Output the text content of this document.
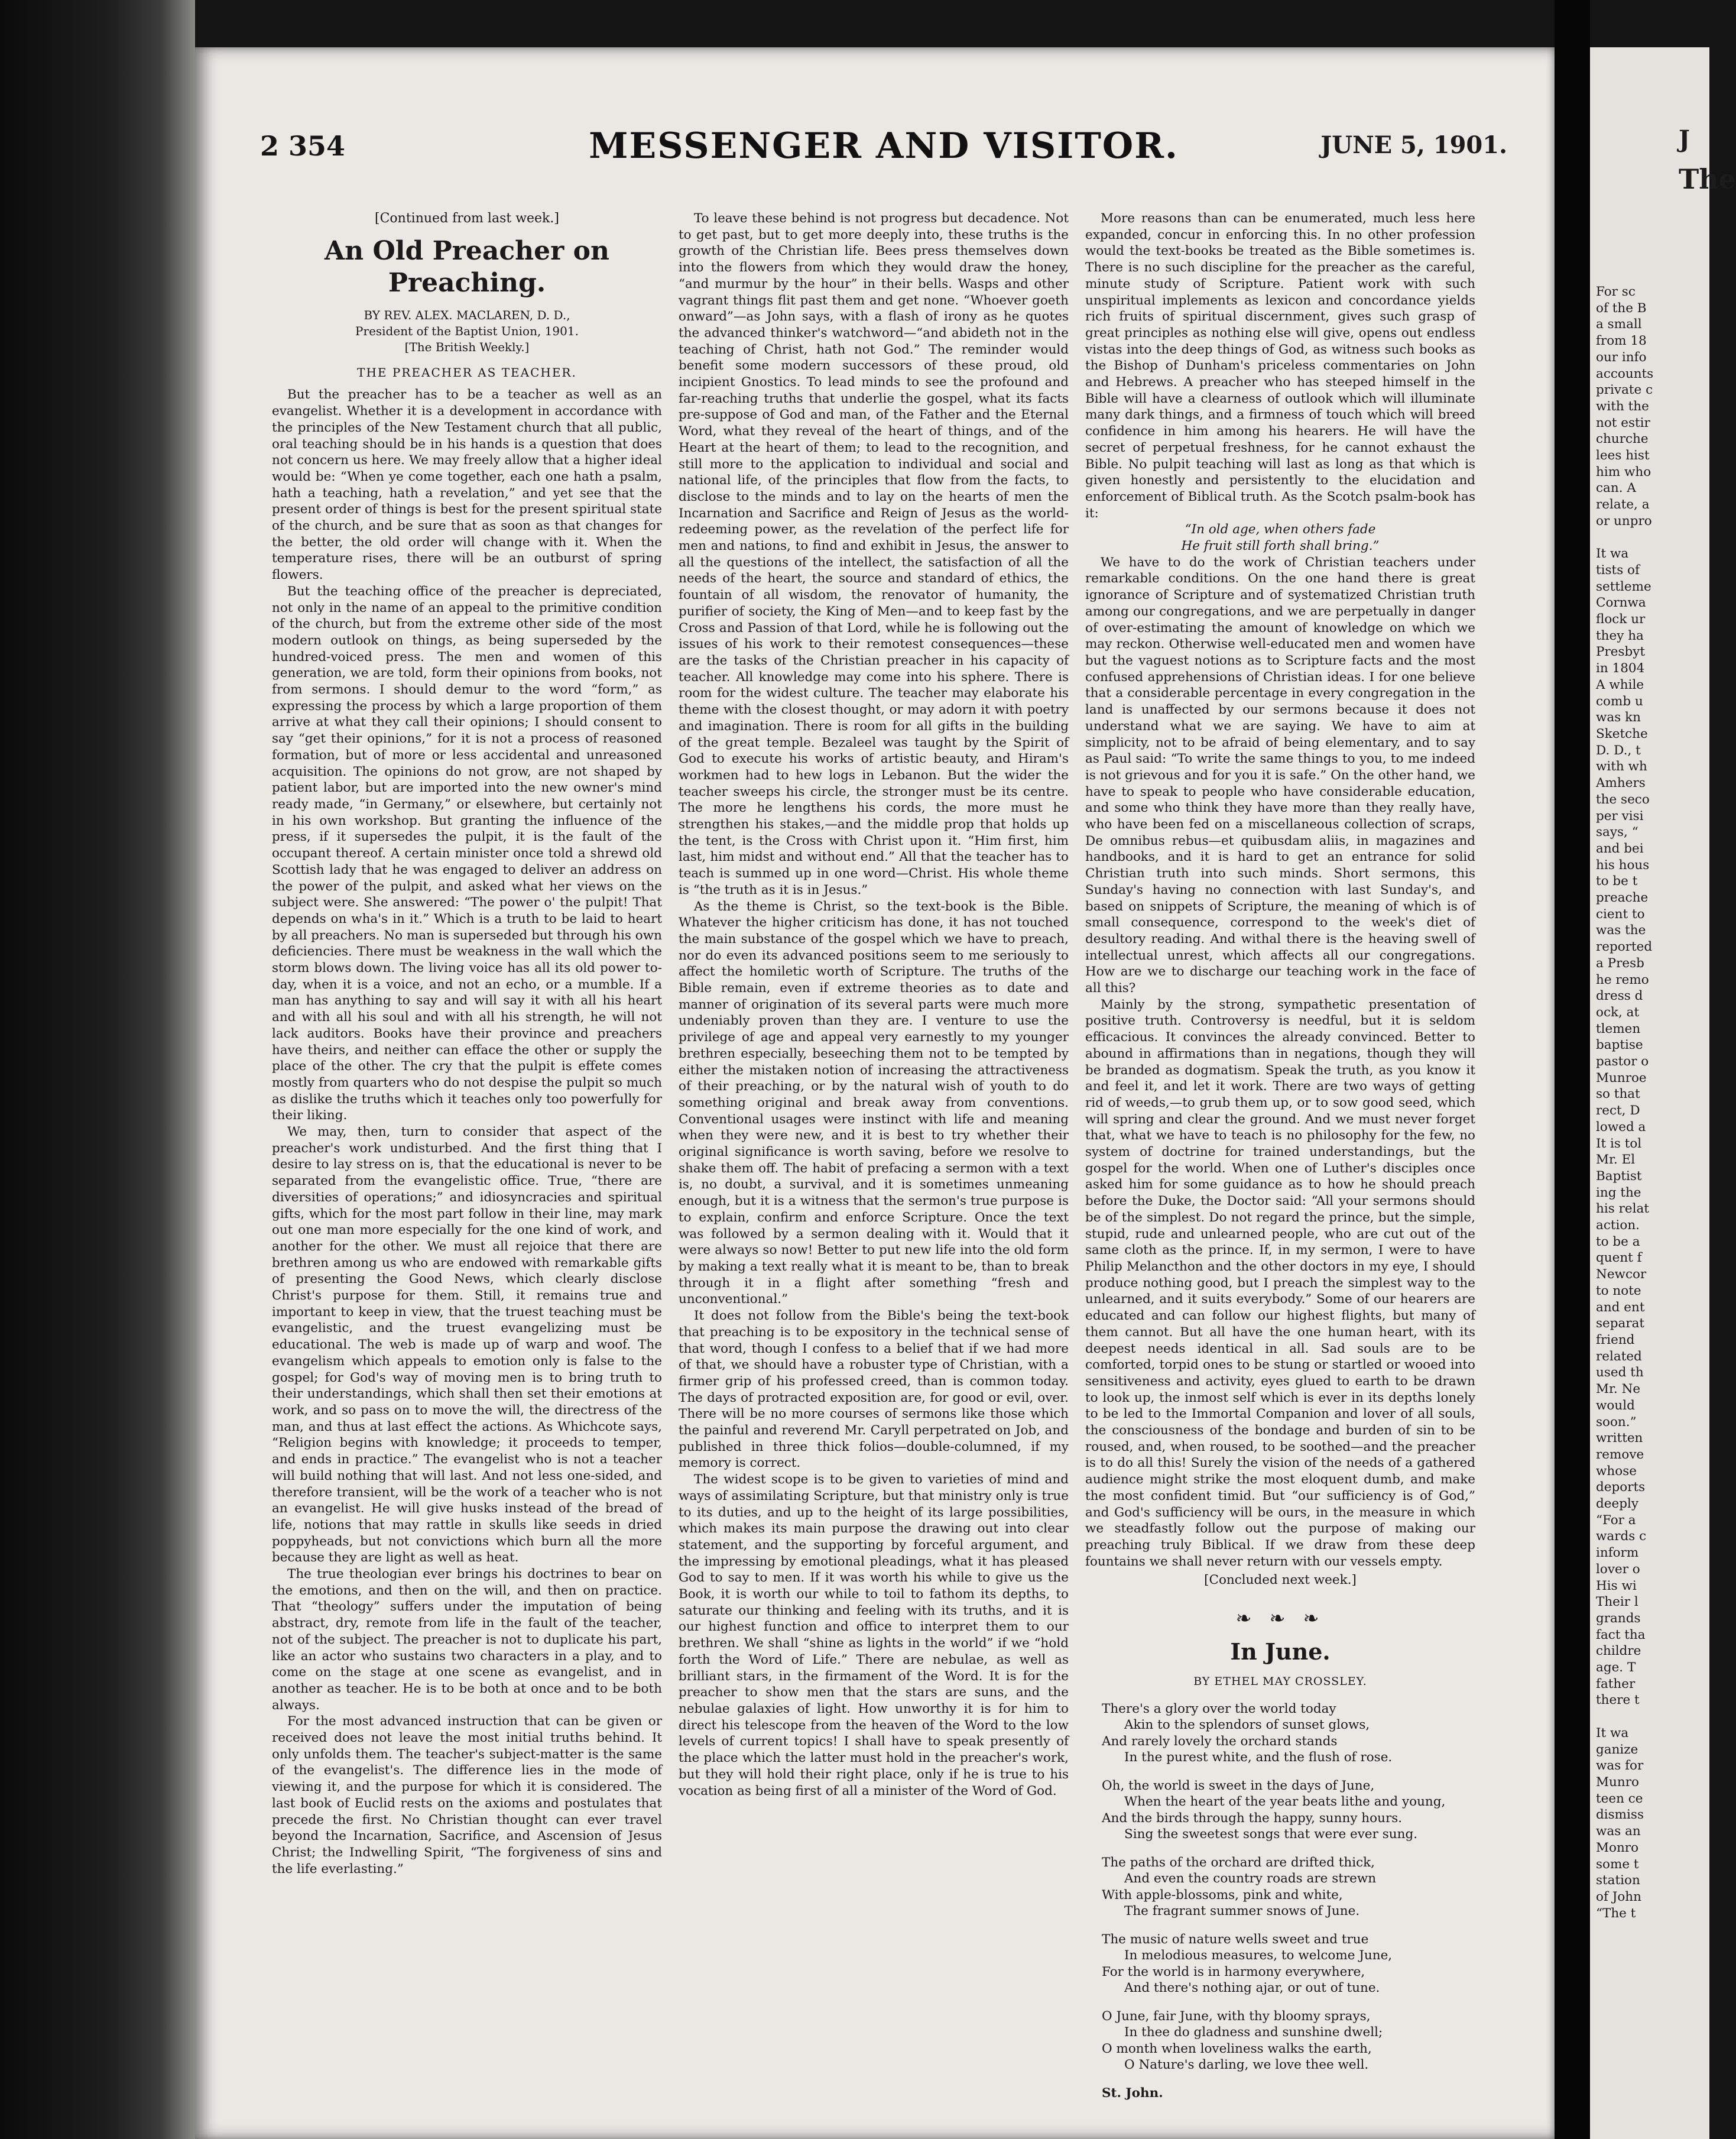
2 354	MESSENGER AND VISITOR.	JUNE 5, 1901.

[Continued from last week.]

An Old Preacher on Preaching.

BY REV. ALEX. MACLAREN, D. D.,

President of the Baptist Union, 1901.

[The British Weekly.]

THE PREACHER AS TEACHER.

But the preacher has to be a teacher as well as an evangelist. Whether it is a development in accordance with the principles of the New Testament church that all public, oral teaching should be in his hands is a question that does not concern us here. We may freely allow that a higher ideal would be: “When ye come together, each one hath a psalm, hath a teaching, hath a revelation,” and yet see that the present order of things is best for the present spiritual state of the church, and be sure that as soon as that changes for the better, the old order will change with it. When the temperature rises, there will be an outburst of spring flowers.

But the teaching office of the preacher is depreciated, not only in the name of an appeal to the primitive condition of the church, but from the extreme other side of the most modern outlook on things, as being superseded by the hundred-voiced press. The men and women of this generation, we are told, form their opinions from books, not from sermons. I should demur to the word “form,” as expressing the process by which a large proportion of them arrive at what they call their opinions; I should consent to say “get their opinions,” for it is not a process of reasoned formation, but of more or less accidental and unreasoned acquisition. The opinions do not grow, are not shaped by patient labor, but are imported into the new owner's mind ready made, “in Germany,” or elsewhere, but certainly not in his own workshop. But granting the influence of the press, if it supersedes the pulpit, it is the fault of the occupant thereof. A certain minister once told a shrewd old Scottish lady that he was engaged to deliver an address on the power of the pulpit, and asked what her views on the subject were. She answered: “The power o' the pulpit! That depends on wha's in it.” Which is a truth to be laid to heart by all preachers. No man is superseded but through his own deficiencies. There must be weakness in the wall which the storm blows down. The living voice has all its old power to-day, when it is a voice, and not an echo, or a mumble. If a man has anything to say and will say it with all his heart and with all his soul and with all his strength, he will not lack auditors. Books have their province and preachers have theirs, and neither can efface the other or supply the place of the other. The cry that the pulpit is effete comes mostly from quarters who do not despise the pulpit so much as dislike the truths which it teaches only too powerfully for their liking.

We may, then, turn to consider that aspect of the preacher's work undisturbed. And the first thing that I desire to lay stress on is, that the educational is never to be separated from the evangelistic office. True, “there are diversities of operations;” and idiosyncracies and spiritual gifts, which for the most part follow in their line, may mark out one man more especially for the one kind of work, and another for the other. We must all rejoice that there are brethren among us who are endowed with remarkable gifts of presenting the Good News, which clearly disclose Christ's purpose for them. Still, it remains true and important to keep in view, that the truest teaching must be evangelistic, and the truest evangelizing must be educational. The web is made up of warp and woof. The evangelism which appeals to emotion only is false to the gospel; for God's way of moving men is to bring truth to their understandings, which shall then set their emotions at work, and so pass on to move the will, the directress of the man, and thus at last effect the actions. As Whichcote says, “Religion begins with knowledge; it proceeds to temper, and ends in practice.” The evangelist who is not a teacher will build nothing that will last. And not less one-sided, and therefore transient, will be the work of a teacher who is not an evangelist. He will give husks instead of the bread of life, notions that may rattle in skulls like seeds in dried poppyheads, but not convictions which burn all the more because they are light as well as heat.

The true theologian ever brings his doctrines to bear on the emotions, and then on the will, and then on practice. That “theology” suffers under the imputation of being abstract, dry, remote from life in the fault of the teacher, not of the subject. The preacher is not to duplicate his part, like an actor who sustains two characters in a play, and to come on the stage at one scene as evangelist, and in another as teacher. He is to be both at once and to be both always.

For the most advanced instruction that can be given or received does not leave the most initial truths behind. It only unfolds them. The teacher's subject-matter is the same of the evangelist's. The difference lies in the mode of viewing it, and the purpose for which it is considered. The last book of Euclid rests on the axioms and postulates that precede the first. No Christian thought can ever travel beyond the Incarnation, Sacrifice, and Ascension of Jesus Christ; the Indwelling Spirit, “The forgiveness of sins and the life everlasting.”

To leave these behind is not progress but decadence. Not to get past, but to get more deeply into, these truths is the growth of the Christian life. Bees press themselves down into the flowers from which they would draw the honey, “and murmur by the hour” in their bells. Wasps and other vagrant things flit past them and get none. “Whoever goeth onward”—as John says, with a flash of irony as he quotes the advanced thinker's watchword—“and abideth not in the teaching of Christ, hath not God.” The reminder would benefit some modern successors of these proud, old incipient Gnostics. To lead minds to see the profound and far-reaching truths that underlie the gospel, what its facts pre-suppose of God and man, of the Father and the Eternal Word, what they reveal of the heart of things, and of the Heart at the heart of them; to lead to the recognition, and still more to the application to individual and social and national life, of the principles that flow from the facts, to disclose to the minds and to lay on the hearts of men the Incarnation and Sacrifice and Reign of Jesus as the world-redeeming power, as the revelation of the perfect life for men and nations, to find and exhibit in Jesus, the answer to all the questions of the intellect, the satisfaction of all the needs of the heart, the source and standard of ethics, the fountain of all wisdom, the renovator of humanity, the purifier of society, the King of Men—and to keep fast by the Cross and Passion of that Lord, while he is following out the issues of his work to their remotest consequences—these are the tasks of the Christian preacher in his capacity of teacher. All knowledge may come into his sphere. There is room for the widest culture. The teacher may elaborate his theme with the closest thought, or may adorn it with poetry and imagination. There is room for all gifts in the building of the great temple. Bezaleel was taught by the Spirit of God to execute his works of artistic beauty, and Hiram's workmen had to hew logs in Lebanon. But the wider the teacher sweeps his circle, the stronger must be its centre. The more he lengthens his cords, the more must he strengthen his stakes,—and the middle prop that holds up the tent, is the Cross with Christ upon it. “Him first, him last, him midst and without end.” All that the teacher has to teach is summed up in one word—Christ. His whole theme is “the truth as it is in Jesus.”

As the theme is Christ, so the text-book is the Bible. Whatever the higher criticism has done, it has not touched the main substance of the gospel which we have to preach, nor do even its advanced positions seem to me seriously to affect the homiletic worth of Scripture. The truths of the Bible remain, even if extreme theories as to date and manner of origination of its several parts were much more undeniably proven than they are. I venture to use the privilege of age and appeal very earnestly to my younger brethren especially, beseeching them not to be tempted by either the mistaken notion of increasing the attractiveness of their preaching, or by the natural wish of youth to do something original and break away from conventions. Conventional usages were instinct with life and meaning when they were new, and it is best to try whether their original significance is worth saving, before we resolve to shake them off. The habit of prefacing a sermon with a text is, no doubt, a survival, and it is sometimes unmeaning enough, but it is a witness that the sermon's true purpose is to explain, confirm and enforce Scripture. Once the text was followed by a sermon dealing with it. Would that it were always so now! Better to put new life into the old form by making a text really what it is meant to be, than to break through it in a flight after something “fresh and unconventional.”

It does not follow from the Bible's being the text-book that preaching is to be expository in the technical sense of that word, though I confess to a belief that if we had more of that, we should have a robuster type of Christian, with a firmer grip of his professed creed, than is common today. The days of protracted exposition are, for good or evil, over. There will be no more courses of sermons like those which the painful and reverend Mr. Caryll perpetrated on Job, and published in three thick folios—double-columned, if my memory is correct.

The widest scope is to be given to varieties of mind and ways of assimilating Scripture, but that ministry only is true to its duties, and up to the height of its large possibilities, which makes its main purpose the drawing out into clear statement, and the supporting by forceful argument, and the impressing by emotional pleadings, what it has pleased God to say to men. If it was worth his while to give us the Book, it is worth our while to toil to fathom its depths, to saturate our thinking and feeling with its truths, and it is our highest function and office to interpret them to our brethren. We shall “shine as lights in the world” if we “hold forth the Word of Life.” There are nebulae, as well as brilliant stars, in the firmament of the Word. It is for the preacher to show men that the stars are suns, and the nebulae galaxies of light. How unworthy it is for him to direct his telescope from the heaven of the Word to the low levels of current topics! I shall have to speak presently of the place which the latter must hold in the preacher's work, but they will hold their right place, only if he is true to his vocation as being first of all a minister of the Word of God.

More reasons than can be enumerated, much less here expanded, concur in enforcing this. In no other profession would the text-books be treated as the Bible sometimes is. There is no such discipline for the preacher as the careful, minute study of Scripture. Patient work with such unspiritual implements as lexicon and concordance yields rich fruits of spiritual discernment, gives such grasp of great principles as nothing else will give, opens out endless vistas into the deep things of God, as witness such books as the Bishop of Dunham's priceless commentaries on John and Hebrews. A preacher who has steeped himself in the Bible will have a clearness of outlook which will illuminate many dark things, and a firmness of touch which will breed confidence in him among his hearers. He will have the secret of perpetual freshness, for he cannot exhaust the Bible. No pulpit teaching will last as long as that which is given honestly and persistently to the elucidation and enforcement of Biblical truth. As the Scotch psalm-book has it:

“In old age, when others fade

He fruit still forth shall bring.”

We have to do the work of Christian teachers under remarkable conditions. On the one hand there is great ignorance of Scripture and of systematized Christian truth among our congregations, and we are perpetually in danger of over-estimating the amount of knowledge on which we may reckon. Otherwise well-educated men and women have but the vaguest notions as to Scripture facts and the most confused apprehensions of Christian ideas. I for one believe that a considerable percentage in every congregation in the land is unaffected by our sermons because it does not understand what we are saying. We have to aim at simplicity, not to be afraid of being elementary, and to say as Paul said: “To write the same things to you, to me indeed is not grievous and for you it is safe.” On the other hand, we have to speak to people who have considerable education, and some who think they have more than they really have, who have been fed on a miscellaneous collection of scraps, De omnibus rebus—et quibusdam aliis, in magazines and handbooks, and it is hard to get an entrance for solid Christian truth into such minds. Short sermons, this Sunday's having no connection with last Sunday's, and based on snippets of Scripture, the meaning of which is of small consequence, correspond to the week's diet of desultory reading. And withal there is the heaving swell of intellectual unrest, which affects all our congregations. How are we to discharge our teaching work in the face of all this?

Mainly by the strong, sympathetic presentation of positive truth. Controversy is needful, but it is seldom efficacious. It convinces the already convinced. Better to abound in affirmations than in negations, though they will be branded as dogmatism. Speak the truth, as you know it and feel it, and let it work. There are two ways of getting rid of weeds,—to grub them up, or to sow good seed, which will spring and clear the ground. And we must never forget that, what we have to teach is no philosophy for the few, no system of doctrine for trained understandings, but the gospel for the world. When one of Luther's disciples once asked him for some guidance as to how he should preach before the Duke, the Doctor said: “All your sermons should be of the simplest. Do not regard the prince, but the simple, stupid, rude and unlearned people, who are cut out of the same cloth as the prince. If, in my sermon, I were to have Philip Melancthon and the other doctors in my eye, I should produce nothing good, but I preach the simplest way to the unlearned, and it suits everybody.” Some of our hearers are educated and can follow our highest flights, but many of them cannot. But all have the one human heart, with its deepest needs identical in all. Sad souls are to be comforted, torpid ones to be stung or startled or wooed into sensitiveness and activity, eyes glued to earth to be drawn to look up, the inmost self which is ever in its depths lonely to be led to the Immortal Companion and lover of all souls, the consciousness of the bondage and burden of sin to be roused, and, when roused, to be soothed—and the preacher is to do all this! Surely the vision of the needs of a gathered audience might strike the most eloquent dumb, and make the most confident timid. But “our sufficiency is of God,” and God's sufficiency will be ours, in the measure in which we steadfastly follow out the purpose of making our preaching truly Biblical. If we draw from these deep fountains we shall never return with our vessels empty.

[Concluded next week.]

❧ ❧ ❧

In June.

BY ETHEL MAY CROSSLEY.

There's a glory over the world today
Akin to the splendors of sunset glows,
And rarely lovely the orchard stands
In the purest white, and the flush of rose.
Oh, the world is sweet in the days of June,
When the heart of the year beats lithe and young,
And the birds through the happy, sunny hours.
Sing the sweetest songs that were ever sung.
The paths of the orchard are drifted thick,
And even the country roads are strewn
With apple-blossoms, pink and white,
The fragrant summer snows of June.
The music of nature wells sweet and true
In melodious measures, to welcome June,
For the world is in harmony everywhere,
And there's nothing ajar, or out of tune.
O June, fair June, with thy bloomy sprays,
In thee do gladness and sunshine dwell;
O month when loveliness walks the earth,
O Nature's darling, we love thee well.

St. John.

J
The
For sc
of the B
a small
from 18
our info
accounts
private c
with the
not estir
churche
lees hist
him who
can. A
relate, a
or unpro

It wa
tists of
settleme
Cornwa
flock ur
they ha
Presbyt
in 1804
A while
comb u
was kn
Sketche
D. D., t
with wh
Amhers
the seco
per visi
says, “
and bei
his hous
to be t
preache
cient to
was the
reported
a Presb
he remo
dress d
ock, at
tlemen
baptise
pastor o
Munroe
so that
rect, D
lowed a
It is tol
Mr. El
Baptist
ing the
his relat
action.
to be a
quent f
Newcor
to note
and ent
separat
friend
related
used th
Mr. Ne
would
soon.”
written
remove
whose
deports
deeply
“For a
wards c
inform
lover o
His wi
Their l
grands
fact tha
childre
age. T
father
there t

It wa
ganize
was for
Munro
teen ce
dismiss
was an
Monro
some t
station
of John
“The t
